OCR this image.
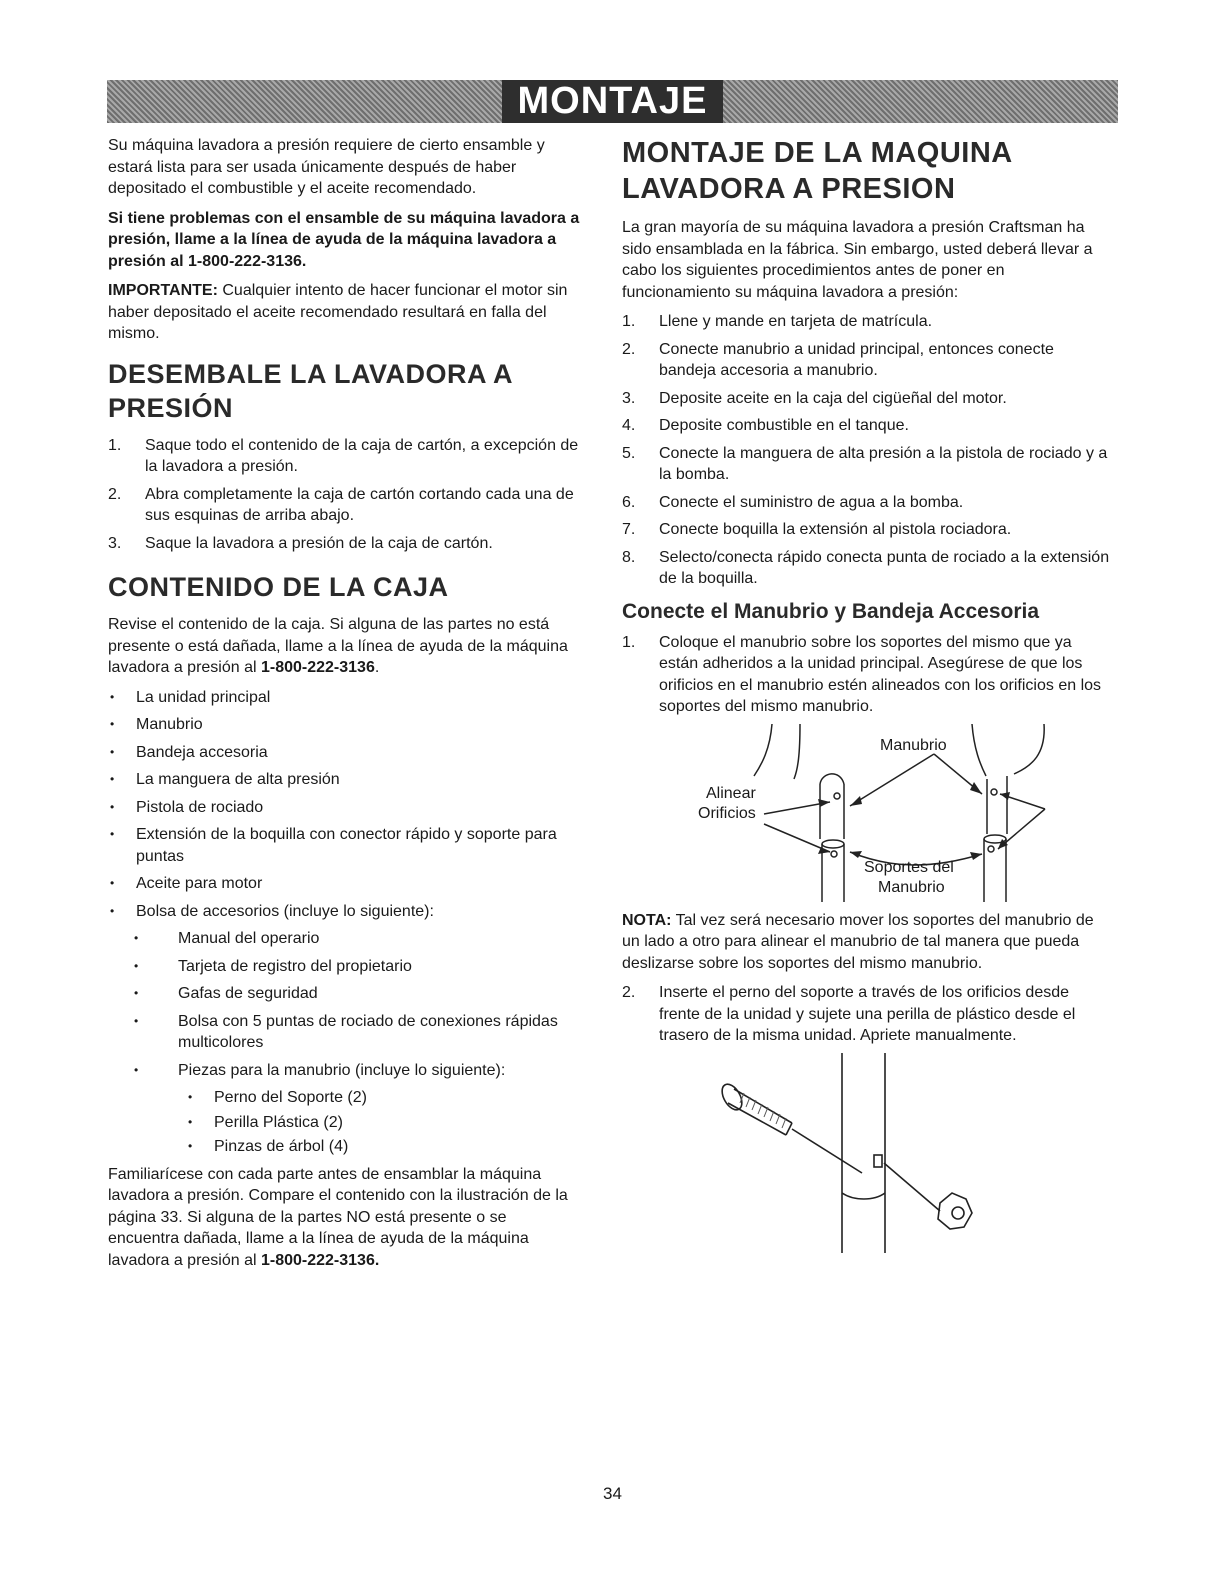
MONTAJE

Su máquina lavadora a presión requiere de cierto ensamble y estará lista para ser usada únicamente después de haber depositado el combustible y el aceite recomendado.

Si tiene problemas con el ensamble de su máquina lavadora a presión, llame a la línea de ayuda de la máquina lavadora a presión al 1-800-222-3136.

IMPORTANTE: Cualquier intento de hacer funcionar el motor sin haber depositado el aceite recomendado resultará en falla del mismo.

DESEMBALE LA LAVADORA A PRESIÓN
1. Saque todo el contenido de la caja de cartón, a excepción de la lavadora a presión.
2. Abra completamente la caja de cartón cortando cada una de sus esquinas de arriba abajo.
3. Saque la lavadora a presión de la caja de cartón.
CONTENIDO DE LA CAJA

Revise el contenido de la caja. Si alguna de las partes no está presente o está dañada, llame a la línea de ayuda de la máquina lavadora a presión al 1-800-222-3136.

• La unidad principal
• Manubrio
• Bandeja accesoria
• La manguera de alta presión
• Pistola de rociado
• Extensión de la boquilla con conector rápido y soporte para puntas
• Aceite para motor
• Bolsa de accesorios (incluye lo siguiente):
• Manual del operario
• Tarjeta de registro del propietario
• Gafas de seguridad
• Bolsa con 5 puntas de rociado de conexiones rápidas multicolores
• Piezas para la manubrio (incluye lo siguiente):
• Perno del Soporte (2)
• Perilla Plástica (2)
• Pinzas de árbol (4)

Familiarícese con cada parte antes de ensamblar la máquina lavadora a presión. Compare el contenido con la ilustración de la página 33. Si alguna de la partes NO está presente o se encuentra dañada, llame a la línea de ayuda de la máquina lavadora a presión al 1-800-222-3136.

MONTAJE DE LA MAQUINA LAVADORA A PRESION

La gran mayoría de su máquina lavadora a presión Craftsman ha sido ensamblada en la fábrica. Sin embargo, usted deberá llevar a cabo los siguientes procedimientos antes de poner en funcionamiento su máquina lavadora a presión:

1. Llene y mande en tarjeta de matrícula.
2. Conecte manubrio a unidad principal, entonces conecte bandeja accesoria a manubrio.
3. Deposite aceite en la caja del cigüeñal del motor.
4. Deposite combustible en el tanque.
5. Conecte la manguera de alta presión a la pistola de rociado y a la bomba.
6. Conecte el suministro de agua a la bomba.
7. Conecte boquilla la extensión al pistola rociadora.
8. Selecto/conecta rápido conecta punta de rociado a la extensión de la boquilla.
Conecte el Manubrio y Bandeja Accesoria
1. Coloque el manubrio sobre los soportes del mismo que ya están adheridos a la unidad principal. Asegúrese de que los orificios en el manubrio estén alineados con los orificios en los soportes del mismo manubrio.
Manubrio
Alinear
Orificios
Soportes del
Manubrio

NOTA: Tal vez será necesario mover los soportes del manubrio de un lado a otro para alinear el manubrio de tal manera que pueda deslizarse sobre los soportes del mismo manubrio.

2. Inserte el perno del soporte a través de los orificios desde frente de la unidad y sujete una perilla de plástico desde el trasero de la misma unidad. Apriete manualmente.
34
